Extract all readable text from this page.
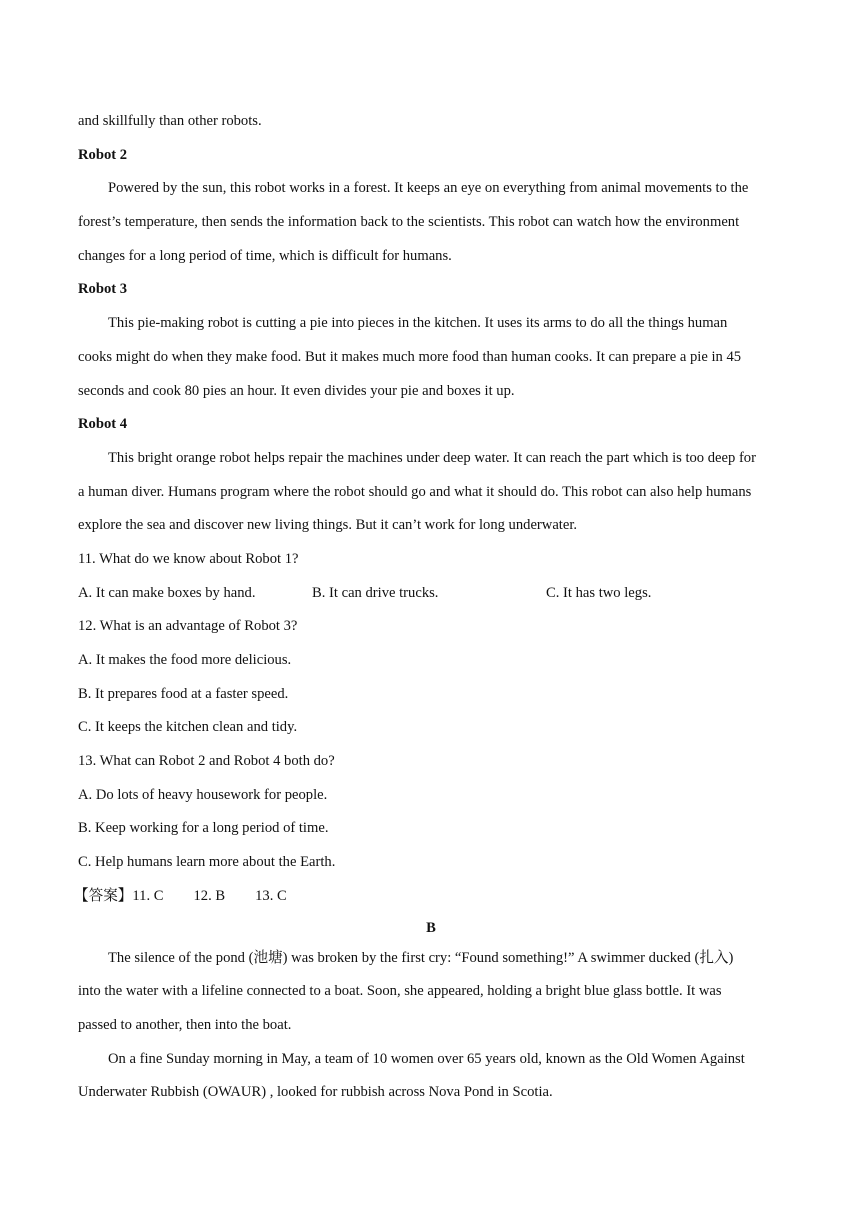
and skillfully than other robots.
Robot 2
Powered by the sun, this robot works in a forest. It keeps an eye on everything from animal movements to the
forest’s temperature, then sends the information back to the scientists. This robot can watch how the environment
changes for a long period of time, which is difficult for humans.
Robot 3
This pie-making robot is cutting a pie into pieces in the kitchen. It uses its arms to do all the things human
cooks might do when they make food. But it makes much more food than human cooks. It can prepare a pie in 45
seconds and cook 80 pies an hour. It even divides your pie and boxes it up.
Robot 4
This bright orange robot helps repair the machines under deep water. It can reach the part which is too deep for
a human diver. Humans program where the robot should go and what it should do. This robot can also help humans
explore the sea and discover new living things. But it can’t work for long underwater.
11. What do we know about Robot 1?
A. It can make boxes by hand.	B. It can drive trucks.	C. It has two legs.
12. What is an advantage of Robot 3?
A. It makes the food more delicious.
B. It prepares food at a faster speed.
C. It keeps the kitchen clean and tidy.
13. What can Robot 2 and Robot 4 both do?
A. Do lots of heavy housework for people.
B. Keep working for a long period of time.
C. Help humans learn more about the Earth.
【答案】 11. C 12. B 13. C
B
The silence of the pond (池塘) was broken by the first cry: “Found something!” A swimmer ducked (扎入)
into the water with a lifeline connected to a boat. Soon, she appeared, holding a bright blue glass bottle. It was
passed to another, then into the boat.
On a fine Sunday morning in May, a team of 10 women over 65 years old, known as the Old Women Against
Underwater Rubbish (OWAUR) , looked for rubbish across Nova Pond in Scotia.
